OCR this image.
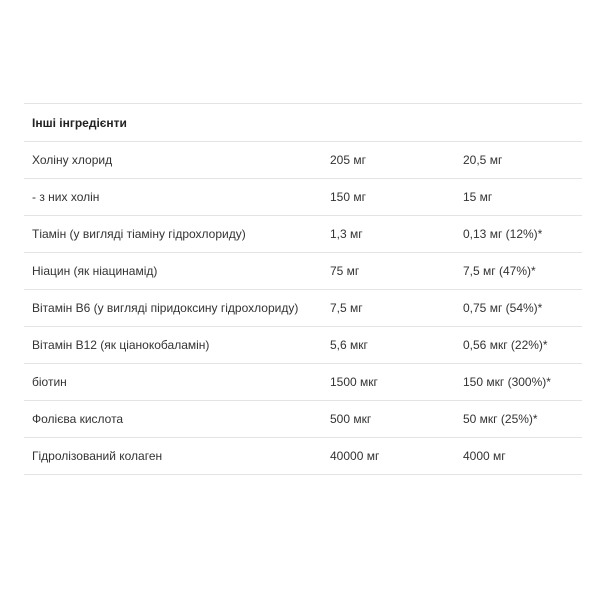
Інші інгредієнти
Холіну хлорид	205 мг	20,5 мг
- з них холін	150 мг	15 мг
Тіамін (у вигляді тіаміну гідрохлориду)	1,3 мг	0,13 мг (12%)*
Ніацин (як ніацинамід)	75 мг	7,5 мг (47%)*
Вітамін В6 (у вигляді піридоксину гідрохлориду)	7,5 мг	0,75 мг (54%)*
Вітамін В12 (як ціанокобаламін)	5,6 мкг	0,56 мкг (22%)*
біотин	1500 мкг	150 мкг (300%)*
Фолієва кислота	500 мкг	50 мкг (25%)*
Гідролізований колаген	40000 мг	4000 мг
